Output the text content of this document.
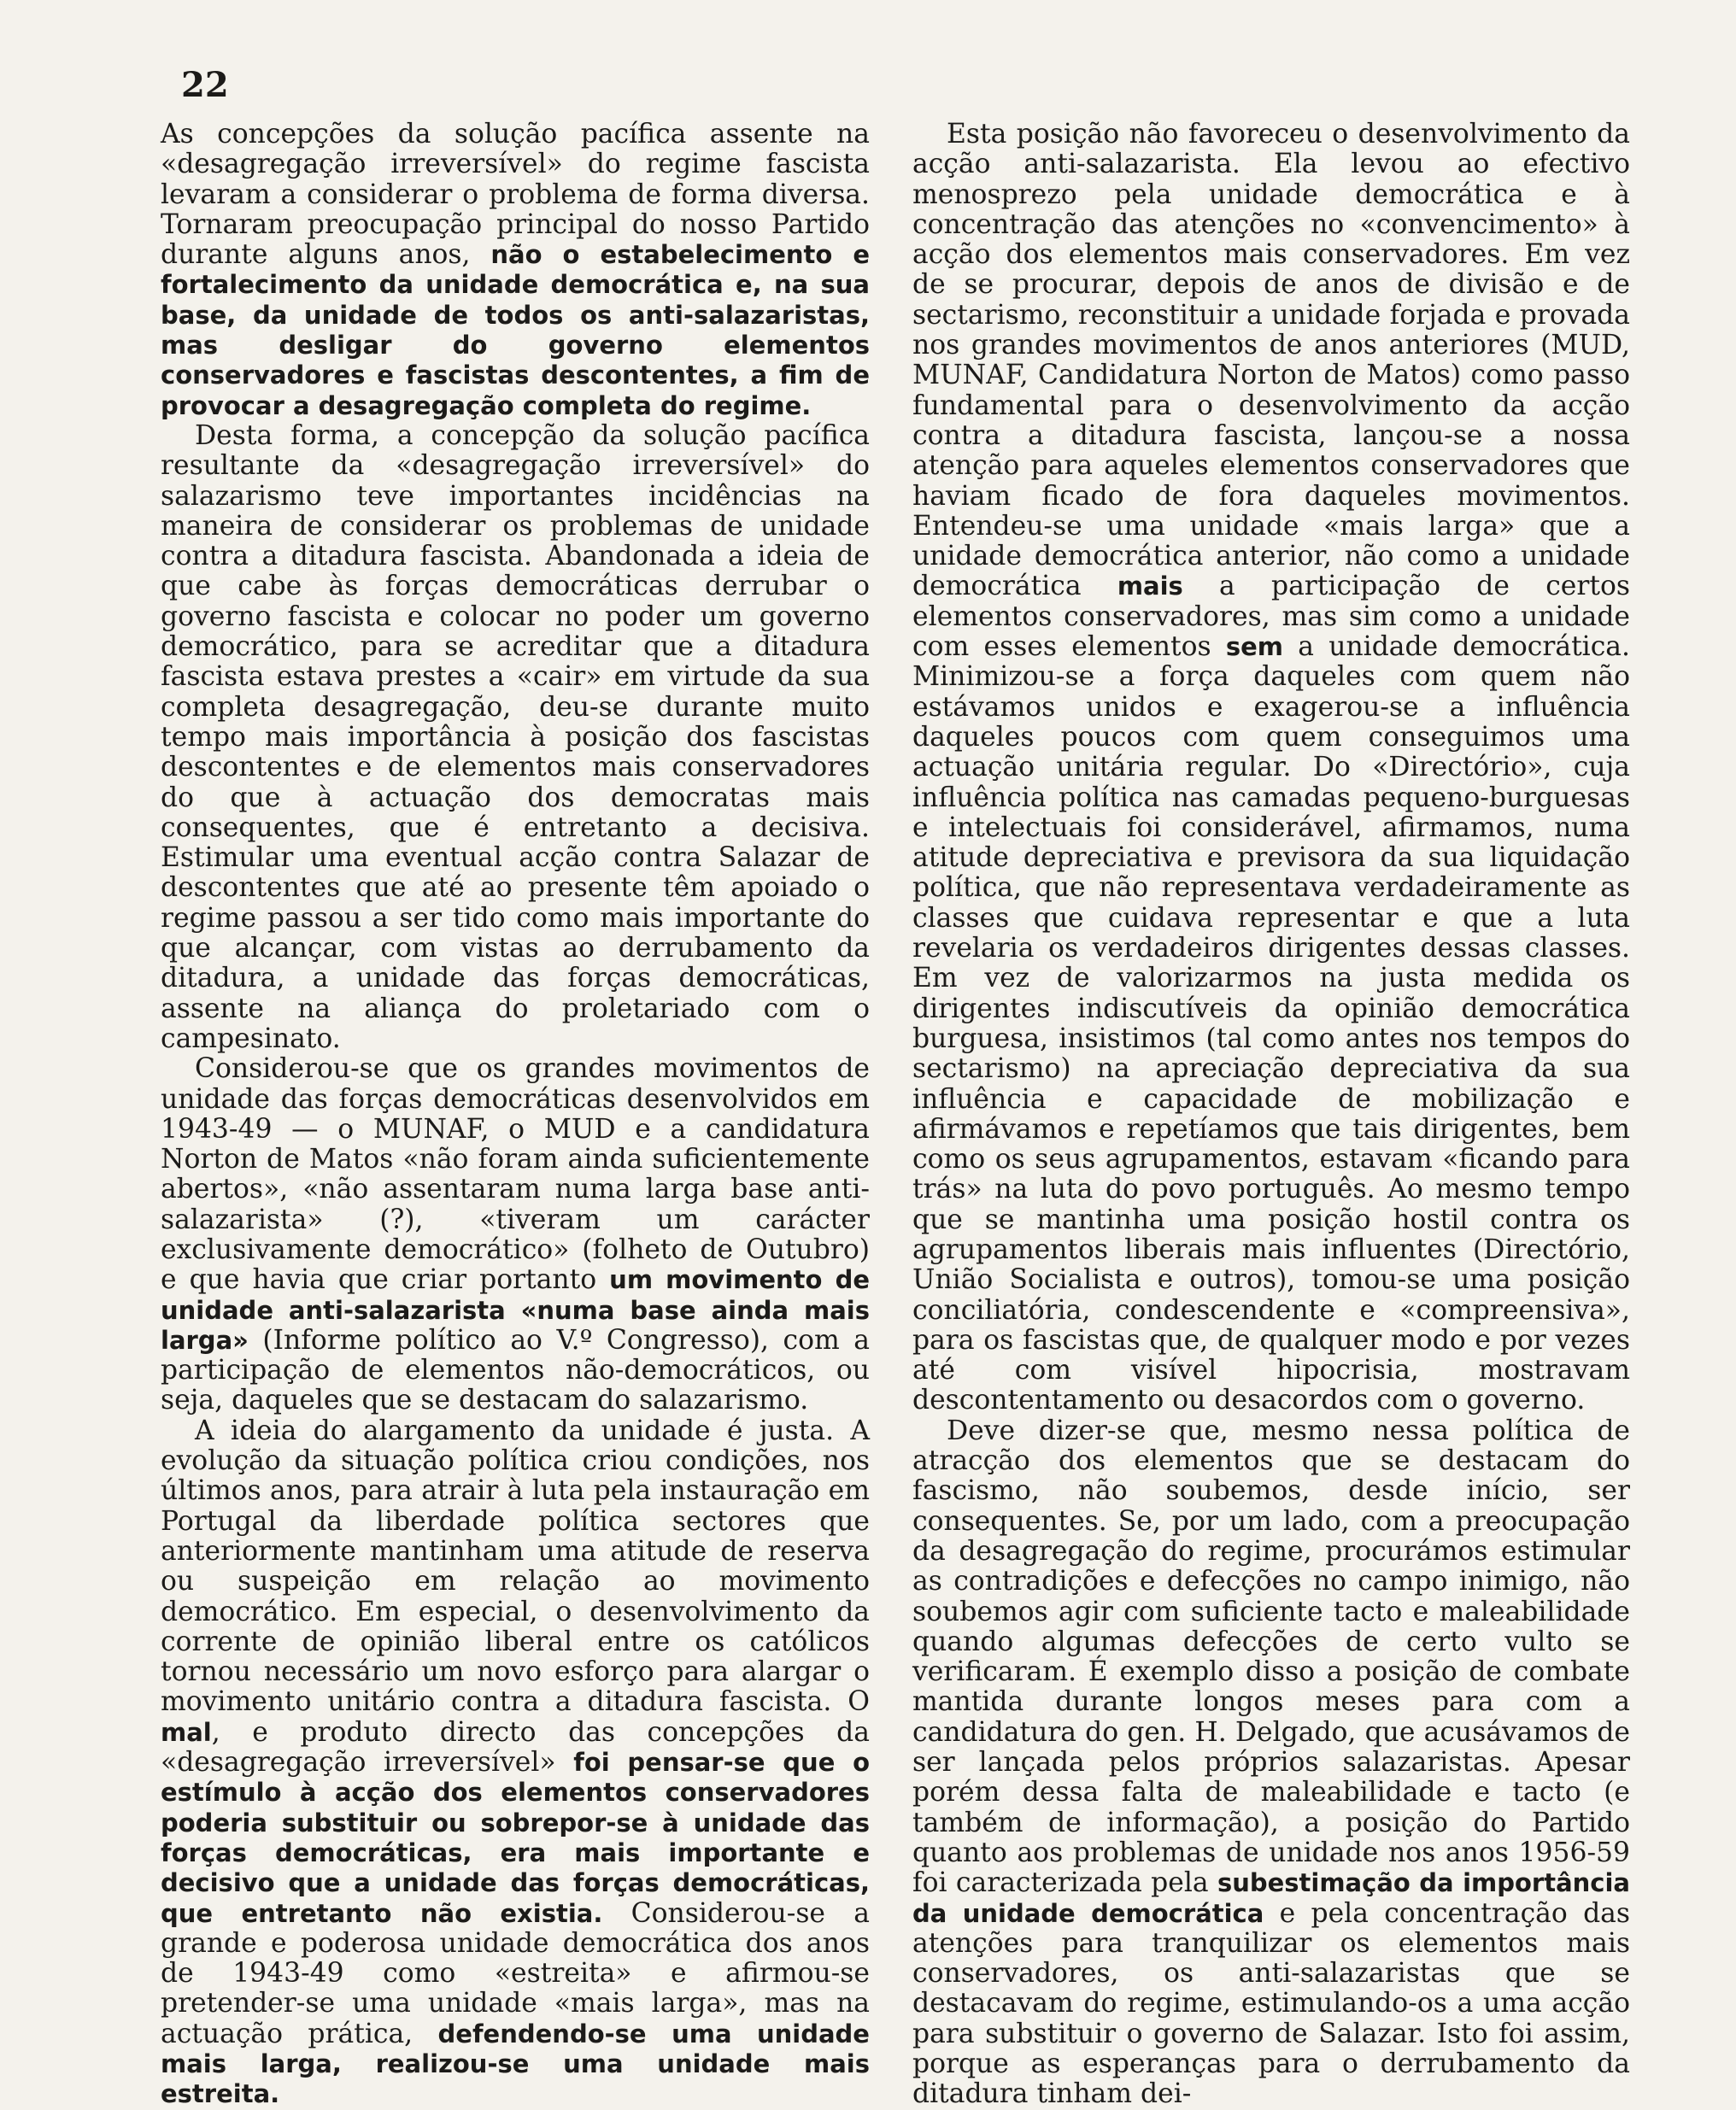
22

As concepções da solução pacífica assente na «desagregação irreversível» do regime fascista levaram a considerar o problema de forma diversa. Tornaram preocupação principal do nosso Partido durante alguns anos, não o estabelecimento e fortalecimento da unidade democrática e, na sua base, da unidade de todos os anti-salazaristas, mas desligar do governo elementos conservadores e fascistas descontentes, a fim de provocar a desagregação completa do regime.

Desta forma, a concepção da solução pacífica resultante da «desagregação irreversível» do salazarismo teve importantes incidências na maneira de considerar os problemas de unidade contra a ditadura fascista. Abandonada a ideia de que cabe às forças democráticas derrubar o governo fascista e colocar no poder um governo democrático, para se acreditar que a ditadura fascista estava prestes a «cair» em virtude da sua completa desagregação, deu-se durante muito tempo mais importância à posição dos fascistas descontentes e de elementos mais conservadores do que à actuação dos democratas mais consequentes, que é entretanto a decisiva. Estimular uma eventual acção contra Salazar de descontentes que até ao presente têm apoiado o regime passou a ser tido como mais importante do que alcançar, com vistas ao derrubamento da ditadura, a unidade das forças democráticas, assente na aliança do proletariado com o campesinato.

Considerou-se que os grandes movimentos de unidade das forças democráticas desenvolvidos em 1943-49 — o MUNAF, o MUD e a candidatura Norton de Matos «não foram ainda suficientemente abertos», «não assentaram numa larga base anti-salazarista» (?), «tiveram um carácter exclusivamente democrático» (folheto de Outubro) e que havia que criar portanto um movimento de unidade anti-salazarista «numa base ainda mais larga» (Informe político ao V.º Congresso), com a participação de elementos não-democráticos, ou seja, daqueles que se destacam do salazarismo.

A ideia do alargamento da unidade é justa. A evolução da situação política criou condições, nos últimos anos, para atrair à luta pela instauração em Portugal da liberdade política sectores que anteriormente mantinham uma atitude de reserva ou suspeição em relação ao movimento democrático. Em especial, o desenvolvimento da corrente de opinião liberal entre os católicos tornou necessário um novo esforço para alargar o movimento unitário contra a ditadura fascista. O mal, e produto directo das concepções da «desagregação irreversível» foi pensar-se que o estímulo à acção dos elementos conservadores poderia substituir ou sobrepor-se à unidade das forças democráticas, era mais importante e decisivo que a unidade das forças democráticas, que entretanto não existia. Considerou-se a grande e poderosa unidade democrática dos anos de 1943-49 como «estreita» e afirmou-se pretender-se uma unidade «mais larga», mas na actuação prática, defendendo-se uma unidade mais larga, realizou-se uma unidade mais estreita.

Esta posição não favoreceu o desenvolvimento da acção anti-salazarista. Ela levou ao efectivo menosprezo pela unidade democrática e à concentração das atenções no «convencimento» à acção dos elementos mais conservadores. Em vez de se procurar, depois de anos de divisão e de sectarismo, reconstituir a unidade forjada e provada nos grandes movimentos de anos anteriores (MUD, MUNAF, Candidatura Norton de Matos) como passo fundamental para o desenvolvimento da acção contra a ditadura fascista, lançou-se a nossa atenção para aqueles elementos conservadores que haviam ficado de fora daqueles movimentos. Entendeu-se uma unidade «mais larga» que a unidade democrática anterior, não como a unidade democrática mais a participação de certos elementos conservadores, mas sim como a unidade com esses elementos sem a unidade democrática. Minimizou-se a força daqueles com quem não estávamos unidos e exagerou-se a influência daqueles poucos com quem conseguimos uma actuação unitária regular. Do «Directório», cuja influência política nas camadas pequeno-burguesas e intelectuais foi considerável, afirmamos, numa atitude depreciativa e previsora da sua liquidação política, que não representava verdadeiramente as classes que cuidava representar e que a luta revelaria os verdadeiros dirigentes dessas classes. Em vez de valorizarmos na justa medida os dirigentes indiscutíveis da opinião democrática burguesa, insistimos (tal como antes nos tempos do sectarismo) na apreciação depreciativa da sua influência e capacidade de mobilização e afirmávamos e repetíamos que tais dirigentes, bem como os seus agrupamentos, estavam «ficando para trás» na luta do povo português. Ao mesmo tempo que se mantinha uma posição hostil contra os agrupamentos liberais mais influentes (Directório, União Socialista e outros), tomou-se uma posição conciliatória, condescendente e «compreensiva», para os fascistas que, de qualquer modo e por vezes até com visível hipocrisia, mostravam descontentamento ou desacordos com o governo.

Deve dizer-se que, mesmo nessa política de atracção dos elementos que se destacam do fascismo, não soubemos, desde início, ser consequentes. Se, por um lado, com a preocupação da desagregação do regime, procurámos estimular as contradições e defecções no campo inimigo, não soubemos agir com suficiente tacto e maleabilidade quando algumas defecções de certo vulto se verificaram. É exemplo disso a posição de combate mantida durante longos meses para com a candidatura do gen. H. Delgado, que acusávamos de ser lançada pelos próprios salazaristas. Apesar porém dessa falta de maleabilidade e tacto (e também de informação), a posição do Partido quanto aos problemas de unidade nos anos 1956-59 foi caracterizada pela subestimação da importância da unidade democrática e pela concentração das atenções para tranquilizar os elementos mais conservadores, os anti-salazaristas que se destacavam do regime, estimulando-os a uma acção para substituir o governo de Salazar. Isto foi assim, porque as esperanças para o derrubamento da ditadura tinham dei-
